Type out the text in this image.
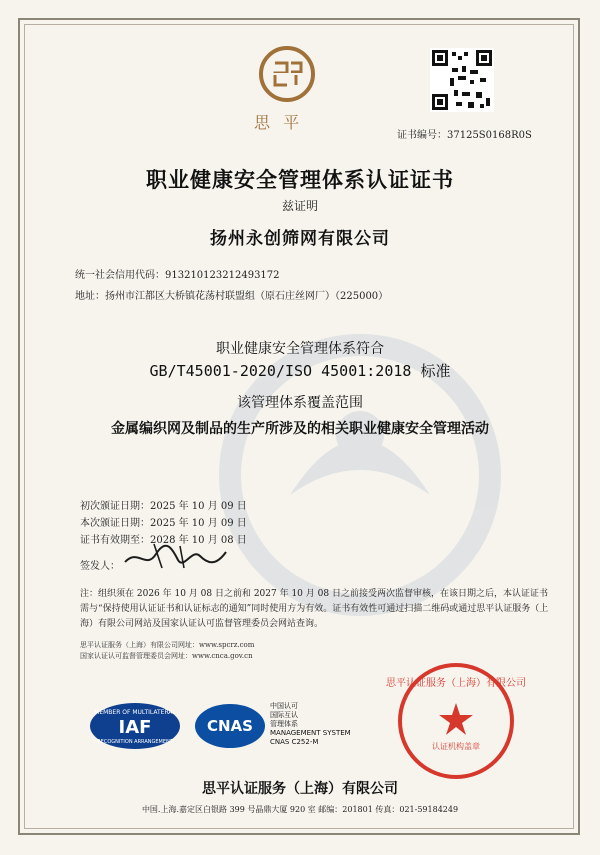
思 平
证书编号：37125S0168R0S
职业健康安全管理体系认证证书
兹证明
扬州永创筛网有限公司
统一社会信用代码：913210123212493172
地址：扬州市江都区大桥镇花荡村联盟组（原石庄丝网厂）（225000）
职业健康安全管理体系符合
GB/T45001-2020/ISO 45001:2018 标准
该管理体系覆盖范围
金属编织网及制品的生产所涉及的相关职业健康安全管理活动
初次颁证日期：2025 年 10 月 09 日
本次颁证日期：2025 年 10 月 09 日
证书有效期至：2028 年 10 月 08 日
签发人：
注：组织须在 2026 年 10 月 08 日之前和 2027 年 10 月 08 日之前接受两次监督审核，在该日期之后，本认证证书需与“保持使用认证证书和认证标志的通知”同时使用方为有效。证书有效性可通过扫描二维码或通过思平认证服务（上海）有限公司网站及国家认证认可监督管理委员会网站查询。
思平认证服务（上海）有限公司网址：www.spcrz.com
国家认证认可监督管理委员会网址：www.cnca.gov.cn
MEMBER OF MULTILATERAL
IAF
RECOGNITION ARRANGEMENT
CNAS
中国认可
国际互认
管理体系
MANAGEMENT SYSTEM
CNAS C252-M	认证机构盖章
思平认证服务（上海）有限公司
思平认证服务（上海）有限公司
中国.上海.嘉定区白银路 399 号晶鼎大厦 920 室 邮编：201801 传真：021-59184249
